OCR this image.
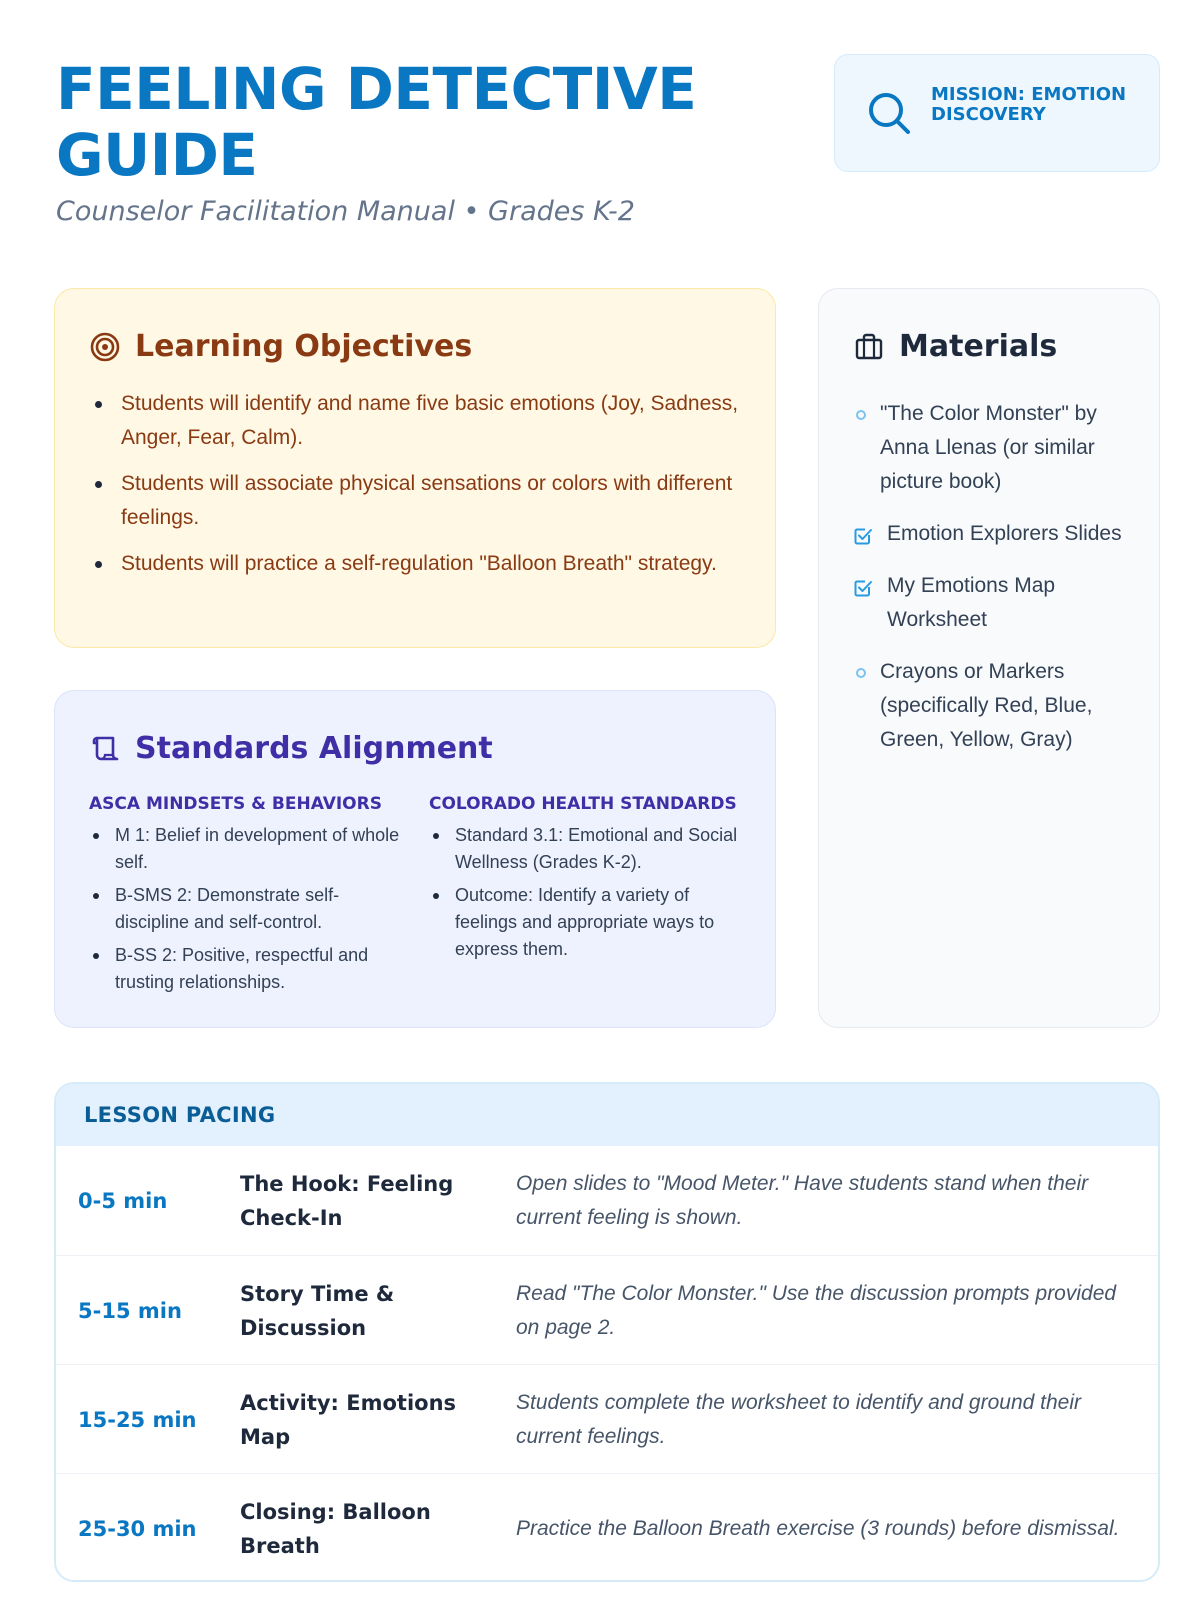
FEELING DETECTIVE GUIDE
Counselor Facilitation Manual • Grades K-2
MISSION: EMOTION DISCOVERY
Learning Objectives
Students will identify and name five basic emotions (Joy, Sadness, Anger, Fear, Calm).
Students will associate physical sensations or colors with different feelings.
Students will practice a self-regulation "Balloon Breath" strategy.
Standards Alignment
ASCA MINDSETS & BEHAVIORS
M 1: Belief in development of whole self.
B-SMS 2: Demonstrate self-discipline and self-control.
B-SS 2: Positive, respectful and trusting relationships.
COLORADO HEALTH STANDARDS
Standard 3.1: Emotional and Social Wellness (Grades K-2).
Outcome: Identify a variety of feelings and appropriate ways to express them.
Materials
"The Color Monster" by Anna Llenas (or similar picture book)
Emotion Explorers Slides
My Emotions Map Worksheet
Crayons or Markers (specifically Red, Blue, Green, Yellow, Gray)
LESSON PACING
0-5 min
The Hook: Feeling Check-In
Open slides to "Mood Meter." Have students stand when their current feeling is shown.
5-15 min
Story Time & Discussion
Read "The Color Monster." Use the discussion prompts provided on page 2.
15-25 min
Activity: Emotions Map
Students complete the worksheet to identify and ground their current feelings.
25-30 min
Closing: Balloon Breath
Practice the Balloon Breath exercise (3 rounds) before dismissal.
